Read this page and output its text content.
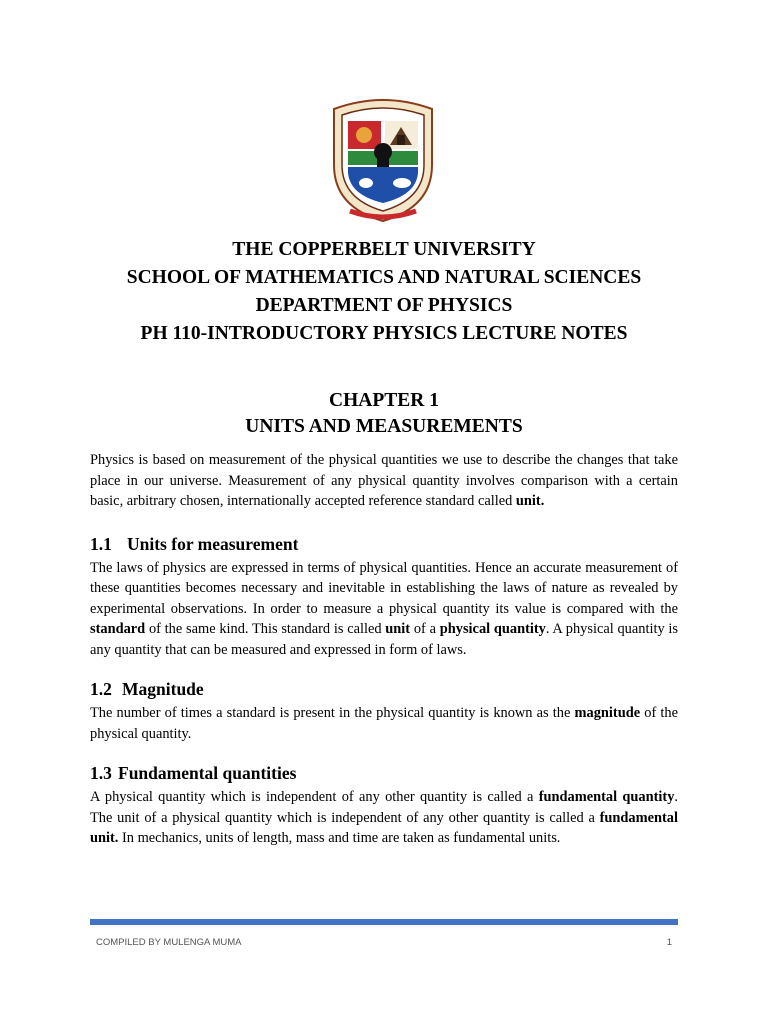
THE COPPERBELT UNIVERSITY
SCHOOL OF MATHEMATICS AND NATURAL SCIENCES
DEPARTMENT OF PHYSICS
PH 110-INTRODUCTORY PHYSICS LECTURE NOTES
CHAPTER 1
UNITS AND MEASUREMENTS

Physics is based on measurement of the physical quantities we use to describe the changes that take place in our universe. Measurement of any physical quantity involves comparison with a certain basic, arbitrary chosen, internationally accepted reference standard called unit.

1.1 Units for measurement

The laws of physics are expressed in terms of physical quantities. Hence an accurate measurement of these quantities becomes necessary and inevitable in establishing the laws of nature as revealed by experimental observations. In order to measure a physical quantity its value is compared with the standard of the same kind. This standard is called unit of a physical quantity. A physical quantity is any quantity that can be measured and expressed in form of laws.

1.2 Magnitude

The number of times a standard is present in the physical quantity is known as the magnitude of the physical quantity.

1.3 Fundamental quantities

A physical quantity which is independent of any other quantity is called a fundamental quantity. The unit of a physical quantity which is independent of any other quantity is called a fundamental unit. In mechanics, units of length, mass and time are taken as fundamental units.

COMPILED BY MULENGA MUMA	1
